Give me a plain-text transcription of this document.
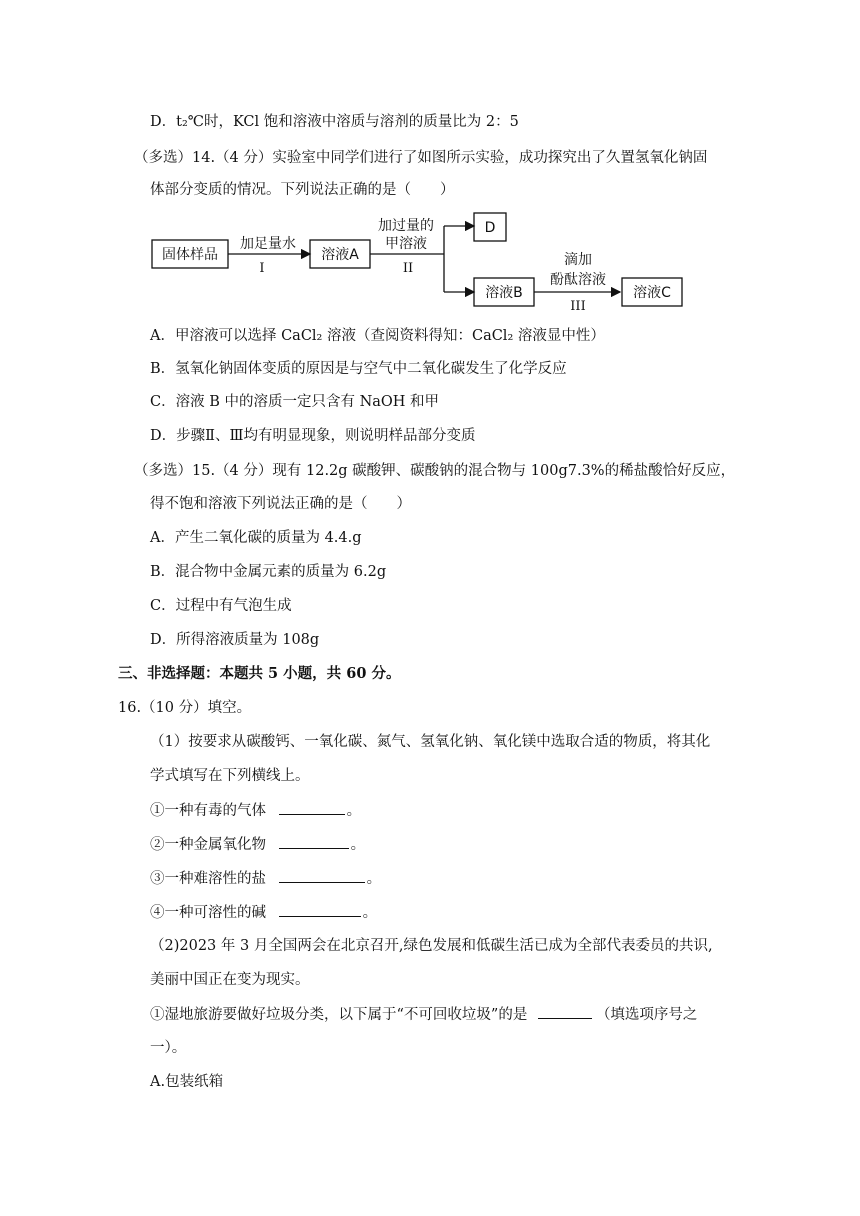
D．t₂℃时，KCl 饱和溶液中溶质与溶剂的质量比为 2：5
（多选）14.（4 分）实验室中同学们进行了如图所示实验，成功探究出了久置氢氧化钠固
体部分变质的情况。下列说法正确的是（　　）
固体样品
加足量水
I
溶液A
加过量的
甲溶液
II
D
溶液B
滴加
酚酞溶液
III
溶液C
A．甲溶液可以选择 CaCl₂ 溶液（查阅资料得知：CaCl₂ 溶液显中性）
B．氢氧化钠固体变质的原因是与空气中二氧化碳发生了化学反应
C．溶液 B 中的溶质一定只含有 NaOH 和甲
D．步骤Ⅱ、Ⅲ均有明显现象，则说明样品部分变质
（多选）15.（4 分）现有 12.2g 碳酸钾、碳酸钠的混合物与 100g7.3%的稀盐酸恰好反应，
得不饱和溶液下列说法正确的是（　　）
A．产生二氧化碳的质量为 4.4.g
B．混合物中金属元素的质量为 6.2g
C．过程中有气泡生成
D．所得溶液质量为 108g
三、非选择题：本题共 5 小题，共 60 分。
16.（10 分）填空。
（1）按要求从碳酸钙、一氧化碳、氮气、氢氧化钠、氧化镁中选取合适的物质，将其化
学式填写在下列横线上。
①一种有毒的气体	。
②一种金属氧化物	。
③一种难溶性的盐	。
④一种可溶性的碱	。
（2)2023 年 3 月全国两会在北京召开,绿色发展和低碳生活已成为全部代表委员的共识,
美丽中国正在变为现实。
①湿地旅游要做好垃圾分类，以下属于“不可回收垃圾”的是	（填选项序号之
一）。
A.包装纸箱
